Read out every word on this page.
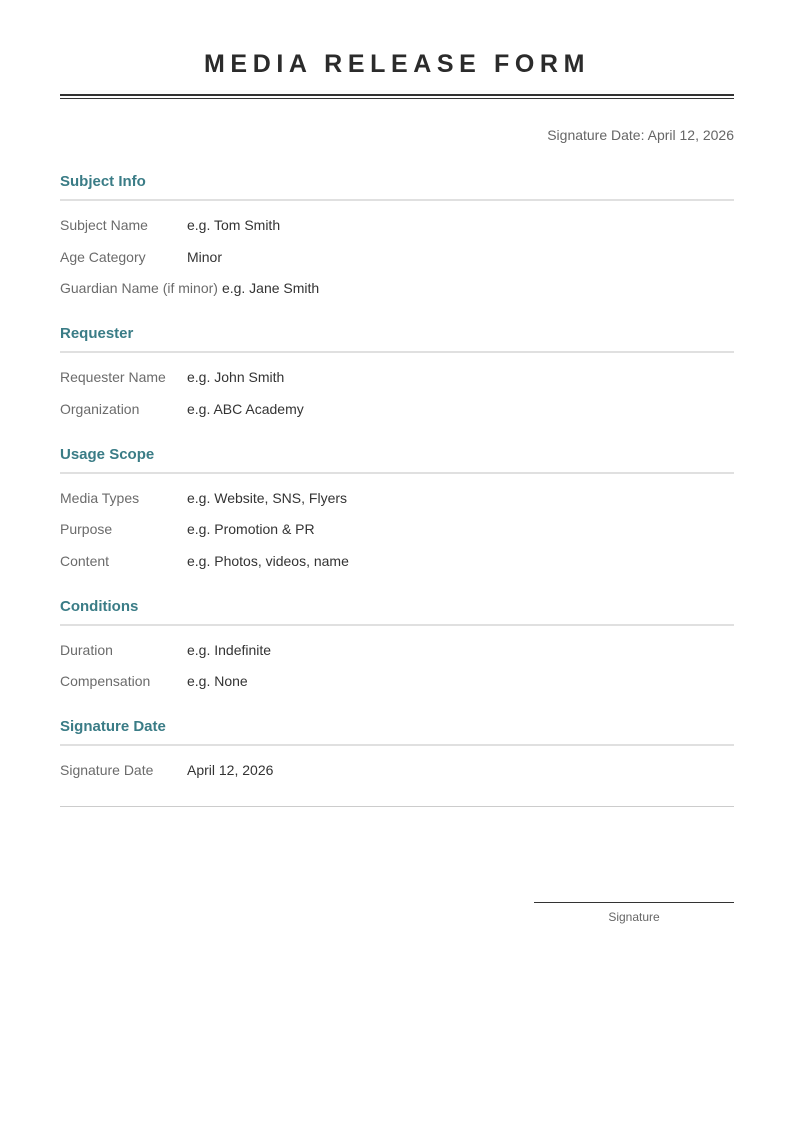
MEDIA RELEASE FORM
Signature Date: April 12, 2026
Subject Info
Subject Name	e.g. Tom Smith
Age Category	Minor
Guardian Name (if minor) e.g. Jane Smith
Requester
Requester Name	e.g. John Smith
Organization	e.g. ABC Academy
Usage Scope
Media Types	e.g. Website, SNS, Flyers
Purpose	e.g. Promotion & PR
Content	e.g. Photos, videos, name
Conditions
Duration	e.g. Indefinite
Compensation	e.g. None
Signature Date
Signature Date	April 12, 2026
Signature
